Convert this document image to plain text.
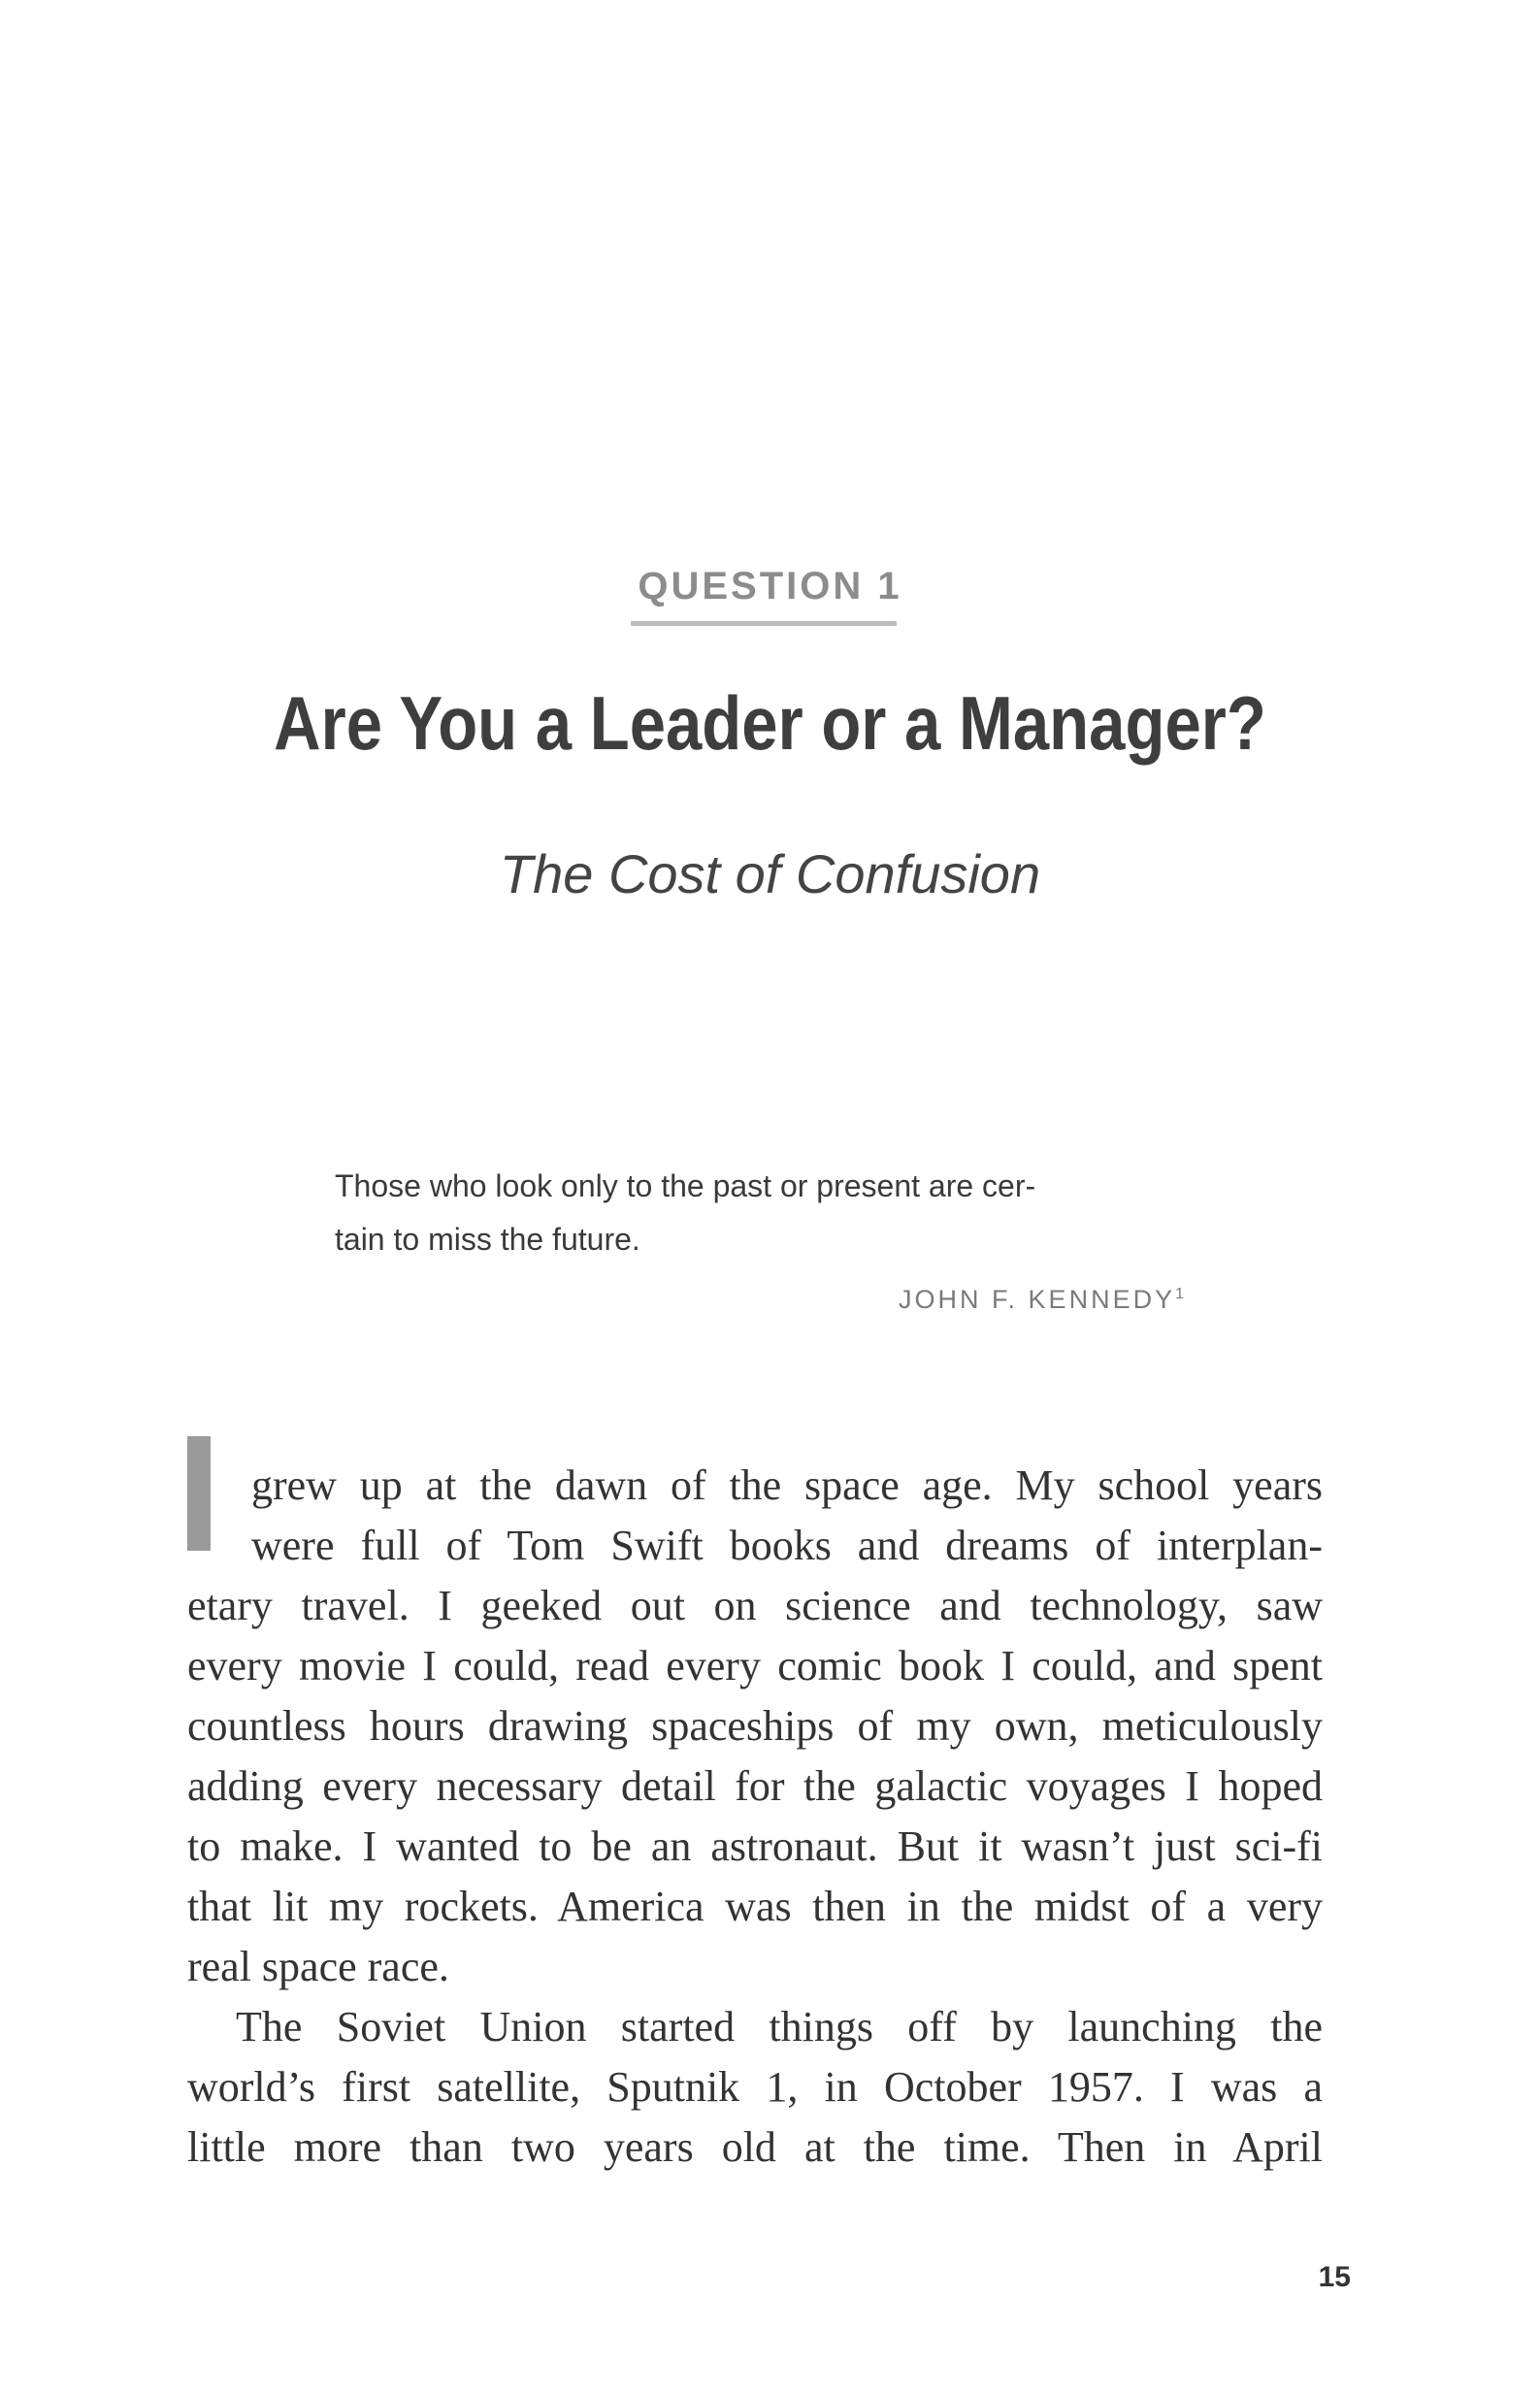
QUESTION 1
Are You a Leader or a Manager?
The Cost of Confusion
Those who look only to the past or present are cer-
tain to miss the future.
JOHN F. KENNEDY$^1$
grew up at the dawn of the space age. My school years
were full of Tom Swift books and dreams of interplan-
etary travel. I geeked out on science and technology, saw
every movie I could, read every comic book I could, and spent
countless hours drawing spaceships of my own, meticulously
adding every necessary detail for the galactic voyages I hoped
to make. I wanted to be an astronaut. But it wasn’t just sci-fi
that lit my rockets. America was then in the midst of a very
real space race.
The Soviet Union started things off by launching the
world’s first satellite, Sputnik 1, in October 1957. I was a
little more than two years old at the time. Then in April
15
